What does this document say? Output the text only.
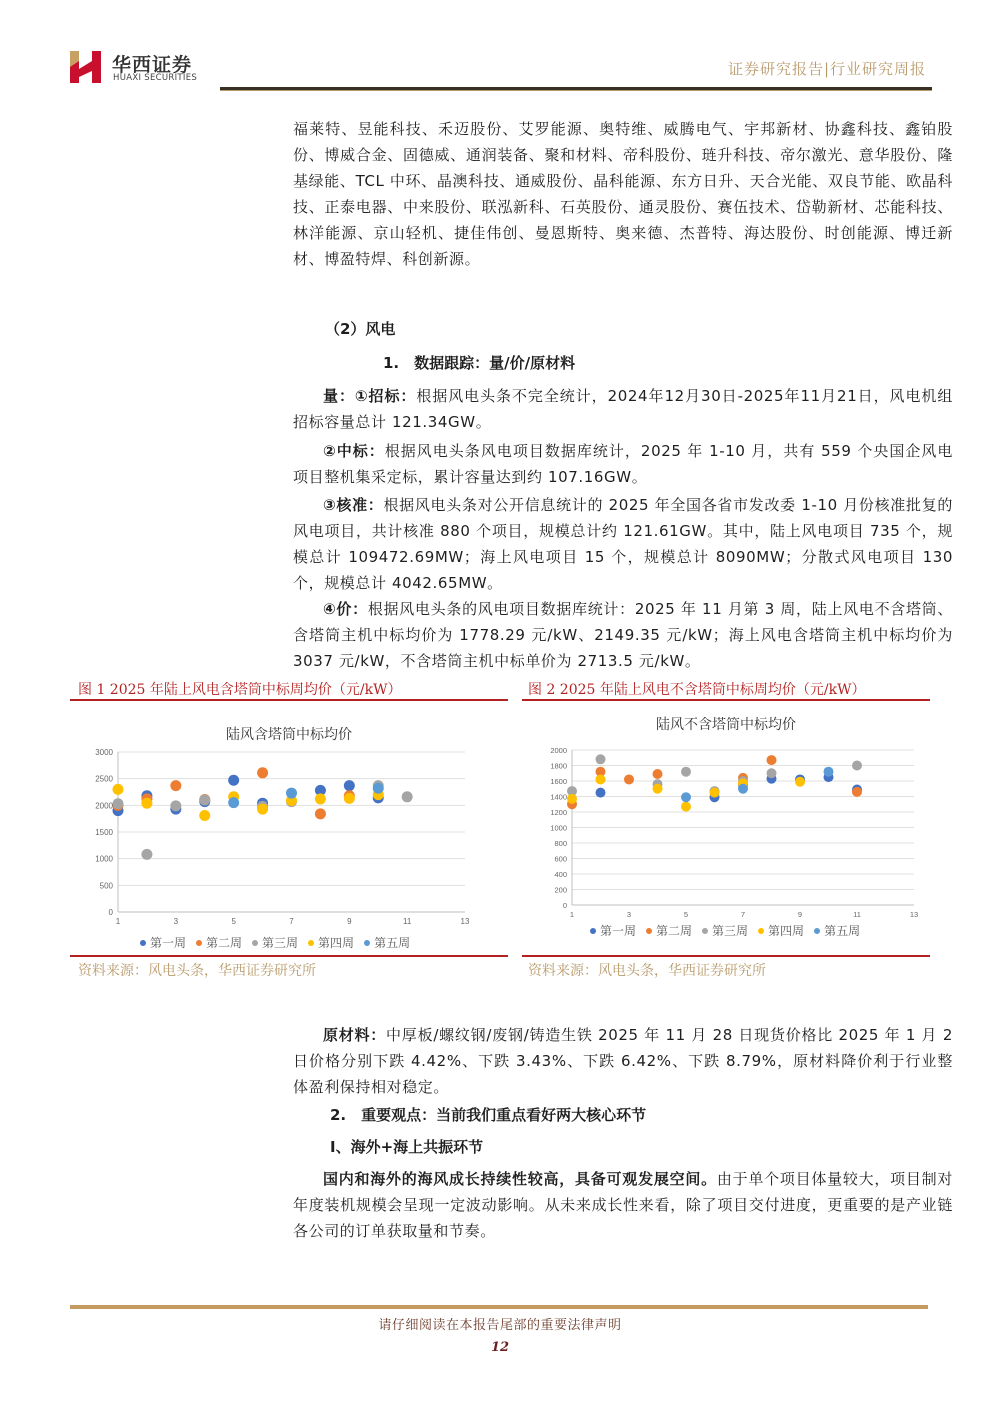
华西证券
HUAXI SECURITIES	证券研究报告|行业研究周报

福莱特、昱能科技、禾迈股份、艾罗能源、奥特维、威腾电气、宇邦新材、协鑫科技、鑫铂股份、博威合金、固德威、通润装备、聚和材料、帝科股份、琏升科技、帝尔激光、意华股份、隆基绿能、TCL 中环、晶澳科技、通威股份、晶科能源、东方日升、天合光能、双良节能、欧晶科技、正泰电器、中来股份、联泓新科、石英股份、通灵股份、赛伍技术、岱勒新材、芯能科技、林洋能源、京山轻机、捷佳伟创、曼恩斯特、奥来德、杰普特、海达股份、时创能源、博迁新材、博盈特焊、科创新源。

（2）风电
1.　数据跟踪：量/价/原材料

量：①招标：根据风电头条不完全统计，2024年12月30日-2025年11月21日，风电机组招标容量总计 121.34GW。

②中标：根据风电头条风电项目数据库统计，2025 年 1-10 月，共有 559 个央国企风电项目整机集采定标，累计容量达到约 107.16GW。

③核准：根据风电头条对公开信息统计的 2025 年全国各省市发改委 1-10 月份核准批复的风电项目，共计核准 880 个项目，规模总计约 121.61GW。其中，陆上风电项目 735 个，规模总计 109472.69MW；海上风电项目 15 个，规模总计 8090MW；分散式风电项目 130 个，规模总计 4042.65MW。

④价：根据风电头条的风电项目数据库统计：2025 年 11 月第 3 周，陆上风电不含塔筒、含塔筒主机中标均价为 1778.29 元/kW、2149.35 元/kW；海上风电含塔筒主机中标均价为 3037 元/kW，不含塔筒主机中标单价为 2713.5 元/kW。

图 1 2025 年陆上风电含塔筒中标周均价（元/kW）
陆风含塔筒中标均价
0
500
1000
1500
2000
2500
3000
1	3	5	7	9	11	13
第一周 第二周 第三周 第四周 第五周
资料来源：风电头条，华西证券研究所
图 2 2025 年陆上风电不含塔筒中标周均价（元/kW）
陆风不含塔筒中标均价
0
200
400
600
800
1000
1200
1400
1600
1800
2000
1	3	5	7	9	11	13
第一周 第二周 第三周 第四周 第五周
资料来源：风电头条，华西证券研究所

原材料：中厚板/螺纹钢/废钢/铸造生铁 2025 年 11 月 28 日现货价格比 2025 年 1 月 2 日价格分别下跌 4.42%、下跌 3.43%、下跌 6.42%、下跌 8.79%，原材料降价利于行业整体盈利保持相对稳定。

2.　重要观点：当前我们重点看好两大核心环节
Ⅰ、海外+海上共振环节

国内和海外的海风成长持续性较高，具备可观发展空间。由于单个项目体量较大，项目制对年度装机规模会呈现一定波动影响。从未来成长性来看，除了项目交付进度，更重要的是产业链各公司的订单获取量和节奏。

请仔细阅读在本报告尾部的重要法律声明
12
